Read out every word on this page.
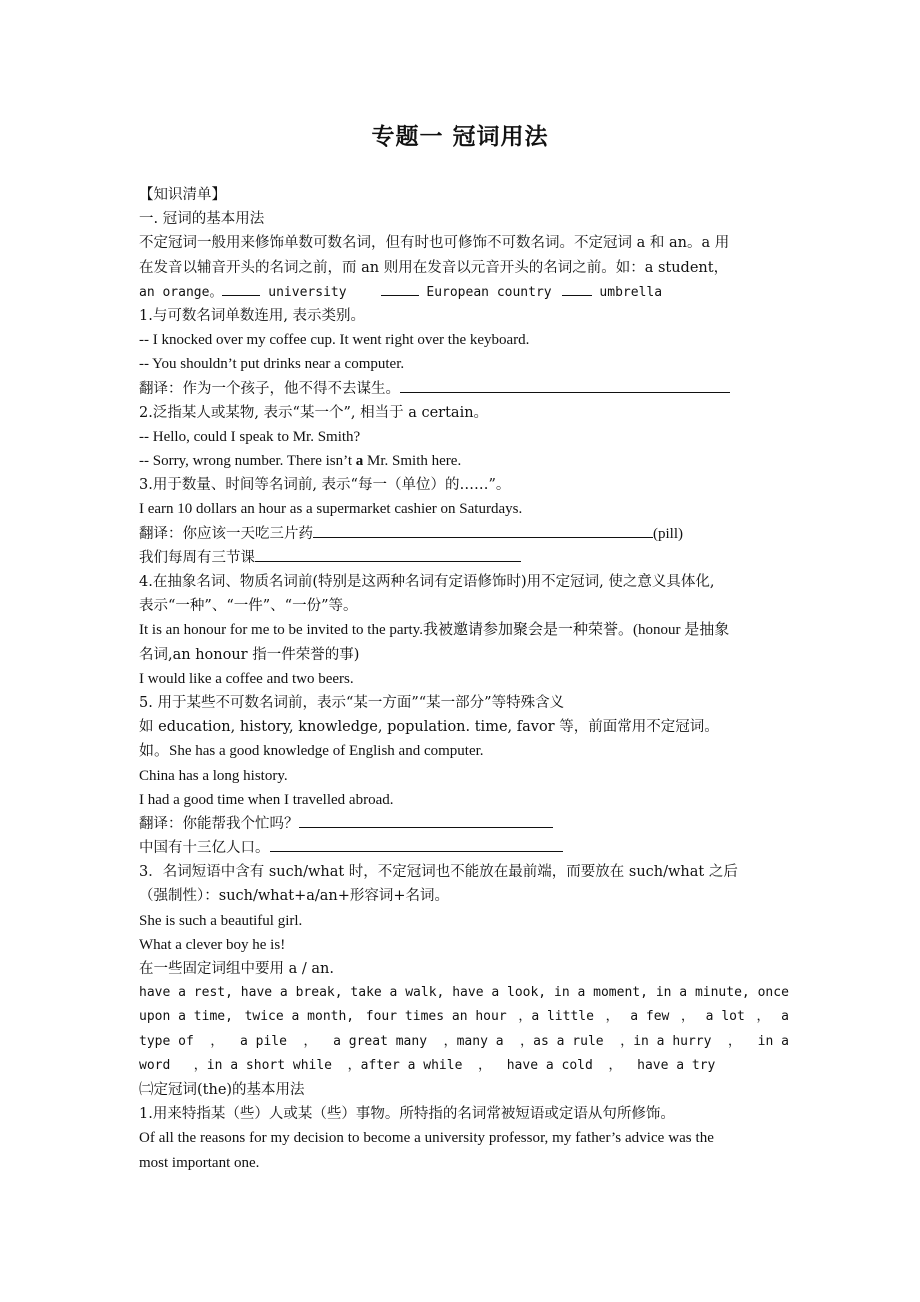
专题一 冠词用法
【知识清单】
一. 冠词的基本用法
不定冠词一般用来修饰单数可数名词，但有时也可修饰不可数名词。不定冠词 a 和 an。a 用
在发音以辅音开头的名词之前，而 an 则用在发音以元音开头的名词之前。如：a student，
an orange。	university	European country	umbrella
1.与可数名词单数连用, 表示类别。
-- I knocked over my coffee cup. It went right over the keyboard.
-- You shouldn’t put drinks near a computer.
翻译：作为一个孩子，他不得不去谋生。
2.泛指某人或某物, 表示“某一个”, 相当于 a certain。
-- Hello, could I speak to Mr. Smith?
-- Sorry, wrong number. There isn’t a Mr. Smith here.
3.用于数量、时间等名词前, 表示“每一（单位）的……”。
I earn 10 dollars an hour as a supermarket cashier on Saturdays.
翻译：你应该一天吃三片药	(pill)
我们每周有三节课
4.在抽象名词、物质名词前(特别是这两种名词有定语修饰时)用不定冠词, 使之意义具体化,
表示“一种”、“一件”、“一份”等。
It is an honour for me to be invited to the party.我被邀请参加聚会是一种荣誉。(honour 是抽象
名词,an honour 指一件荣誉的事)
I would like a coffee and two beers.
5. 用于某些不可数名词前，表示“某一方面”“某一部分”等特殊含义
如 education, history, knowledge, population. time, favor 等，前面常用不定冠词。
如。She has a good knowledge of English and computer.
China has a long history.
I had a good time when I travelled abroad.
翻译：你能帮我个忙吗？
中国有十三亿人口。
3．名词短语中含有 such/what 时，不定冠词也不能放在最前端，而要放在 such/what 之后
（强制性）：such/what+a/an+形容词+名词。
She is such a beautiful girl.
What a clever boy he is!
在一些固定词组中要用 a / an.
have a rest, have a break, take a walk, have a look, in a moment, in a minute, once
upon a time, twice a month, four times an hour ，a little ， a few ， a lot ， a
type of ， a pile ， a great many ，many a ，as a rule ，in a hurry ， in a
word   ，in a short while  ，after a while  ，  have a cold  ，  have a try
㈡定冠词(the)的基本用法
1.用来特指某（些）人或某（些）事物。所特指的名词常被短语或定语从句所修饰。
Of all the reasons for my decision to become a university professor, my father’s advice was the
most important one.
